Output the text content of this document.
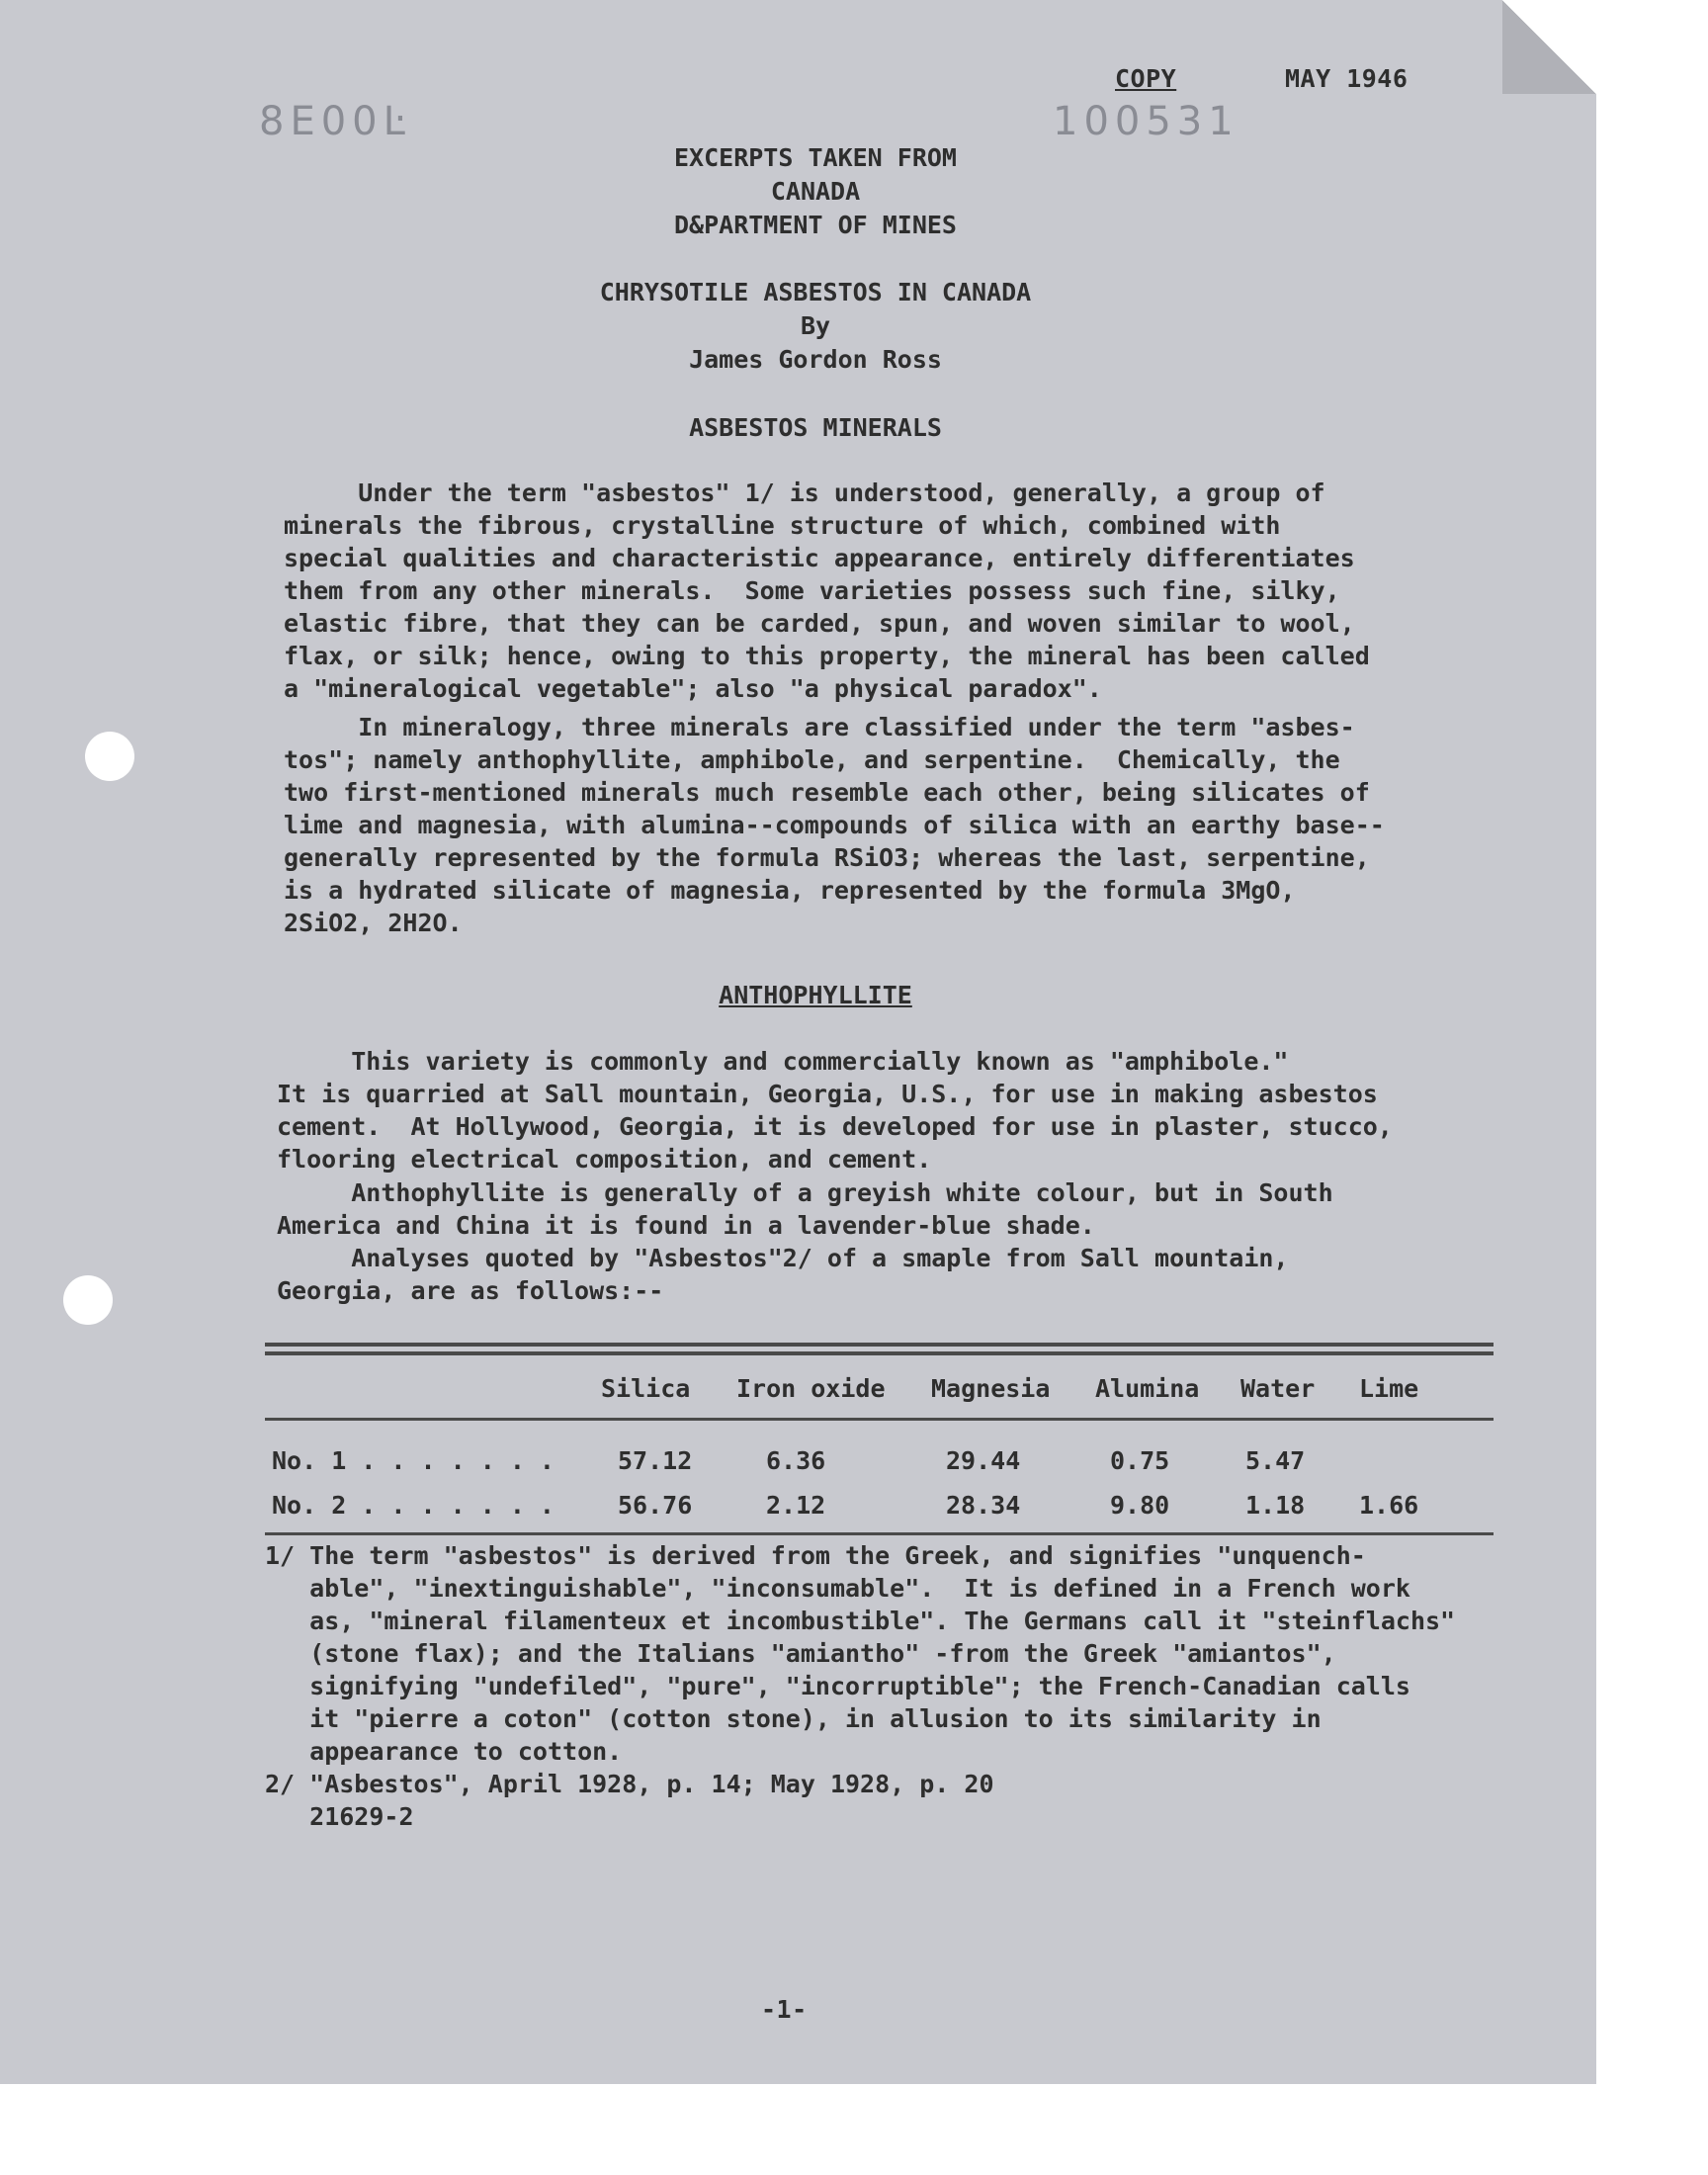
8E00Ŀ	100531
COPY	MAY 1946
EXCERPTS TAKEN FROM
CANADA
D&PARTMENT OF MINES
CHRYSOTILE ASBESTOS IN CANADA
By
James Gordon Ross
ASBESTOS MINERALS
Under the term "asbestos" 1/ is understood, generally, a group of
minerals the fibrous, crystalline structure of which, combined with
special qualities and characteristic appearance, entirely differentiates
them from any other minerals.  Some varieties possess such fine, silky,
elastic fibre, that they can be carded, spun, and woven similar to wool,
flax, or silk; hence, owing to this property, the mineral has been called
a "mineralogical vegetable"; also "a physical paradox".
In mineralogy, three minerals are classified under the term "asbes-
tos"; namely anthophyllite, amphibole, and serpentine.  Chemically, the
two first-mentioned minerals much resemble each other, being silicates of
lime and magnesia, with alumina--compounds of silica with an earthy base--
generally represented by the formula RSiO3; whereas the last, serpentine,
is a hydrated silicate of magnesia, represented by the formula 3MgO,
2SiO2, 2H2O.
ANTHOPHYLLITE
This variety is commonly and commercially known as "amphibole."
It is quarried at Sall mountain, Georgia, U.S., for use in making asbestos
cement.  At Hollywood, Georgia, it is developed for use in plaster, stucco,
flooring electrical composition, and cement.
Anthophyllite is generally of a greyish white colour, but in South
America and China it is found in a lavender-blue shade.
Analyses quoted by "Asbestos"2/ of a smaple from Sall mountain,
Georgia, are as follows:--
Silica Iron oxide Magnesia Alumina Water Lime
No. 1 . . . . . . .	57.12	6.36	29.44	0.75	5.47
No. 2 . . . . . . .	56.76	2.12	28.34	9.80	1.18 1.66
1/ The term "asbestos" is derived from the Greek, and signifies "unquench-
able", "inextinguishable", "inconsumable".  It is defined in a French work
as, "mineral filamenteux et incombustible". The Germans call it "steinflachs"
(stone flax); and the Italians "amiantho" -from the Greek "amiantos",
signifying "undefiled", "pure", "incorruptible"; the French-Canadian calls
it "pierre a coton" (cotton stone), in allusion to its similarity in
appearance to cotton.
2/ "Asbestos", April 1928, p. 14; May 1928, p. 20
21629-2
-1-
